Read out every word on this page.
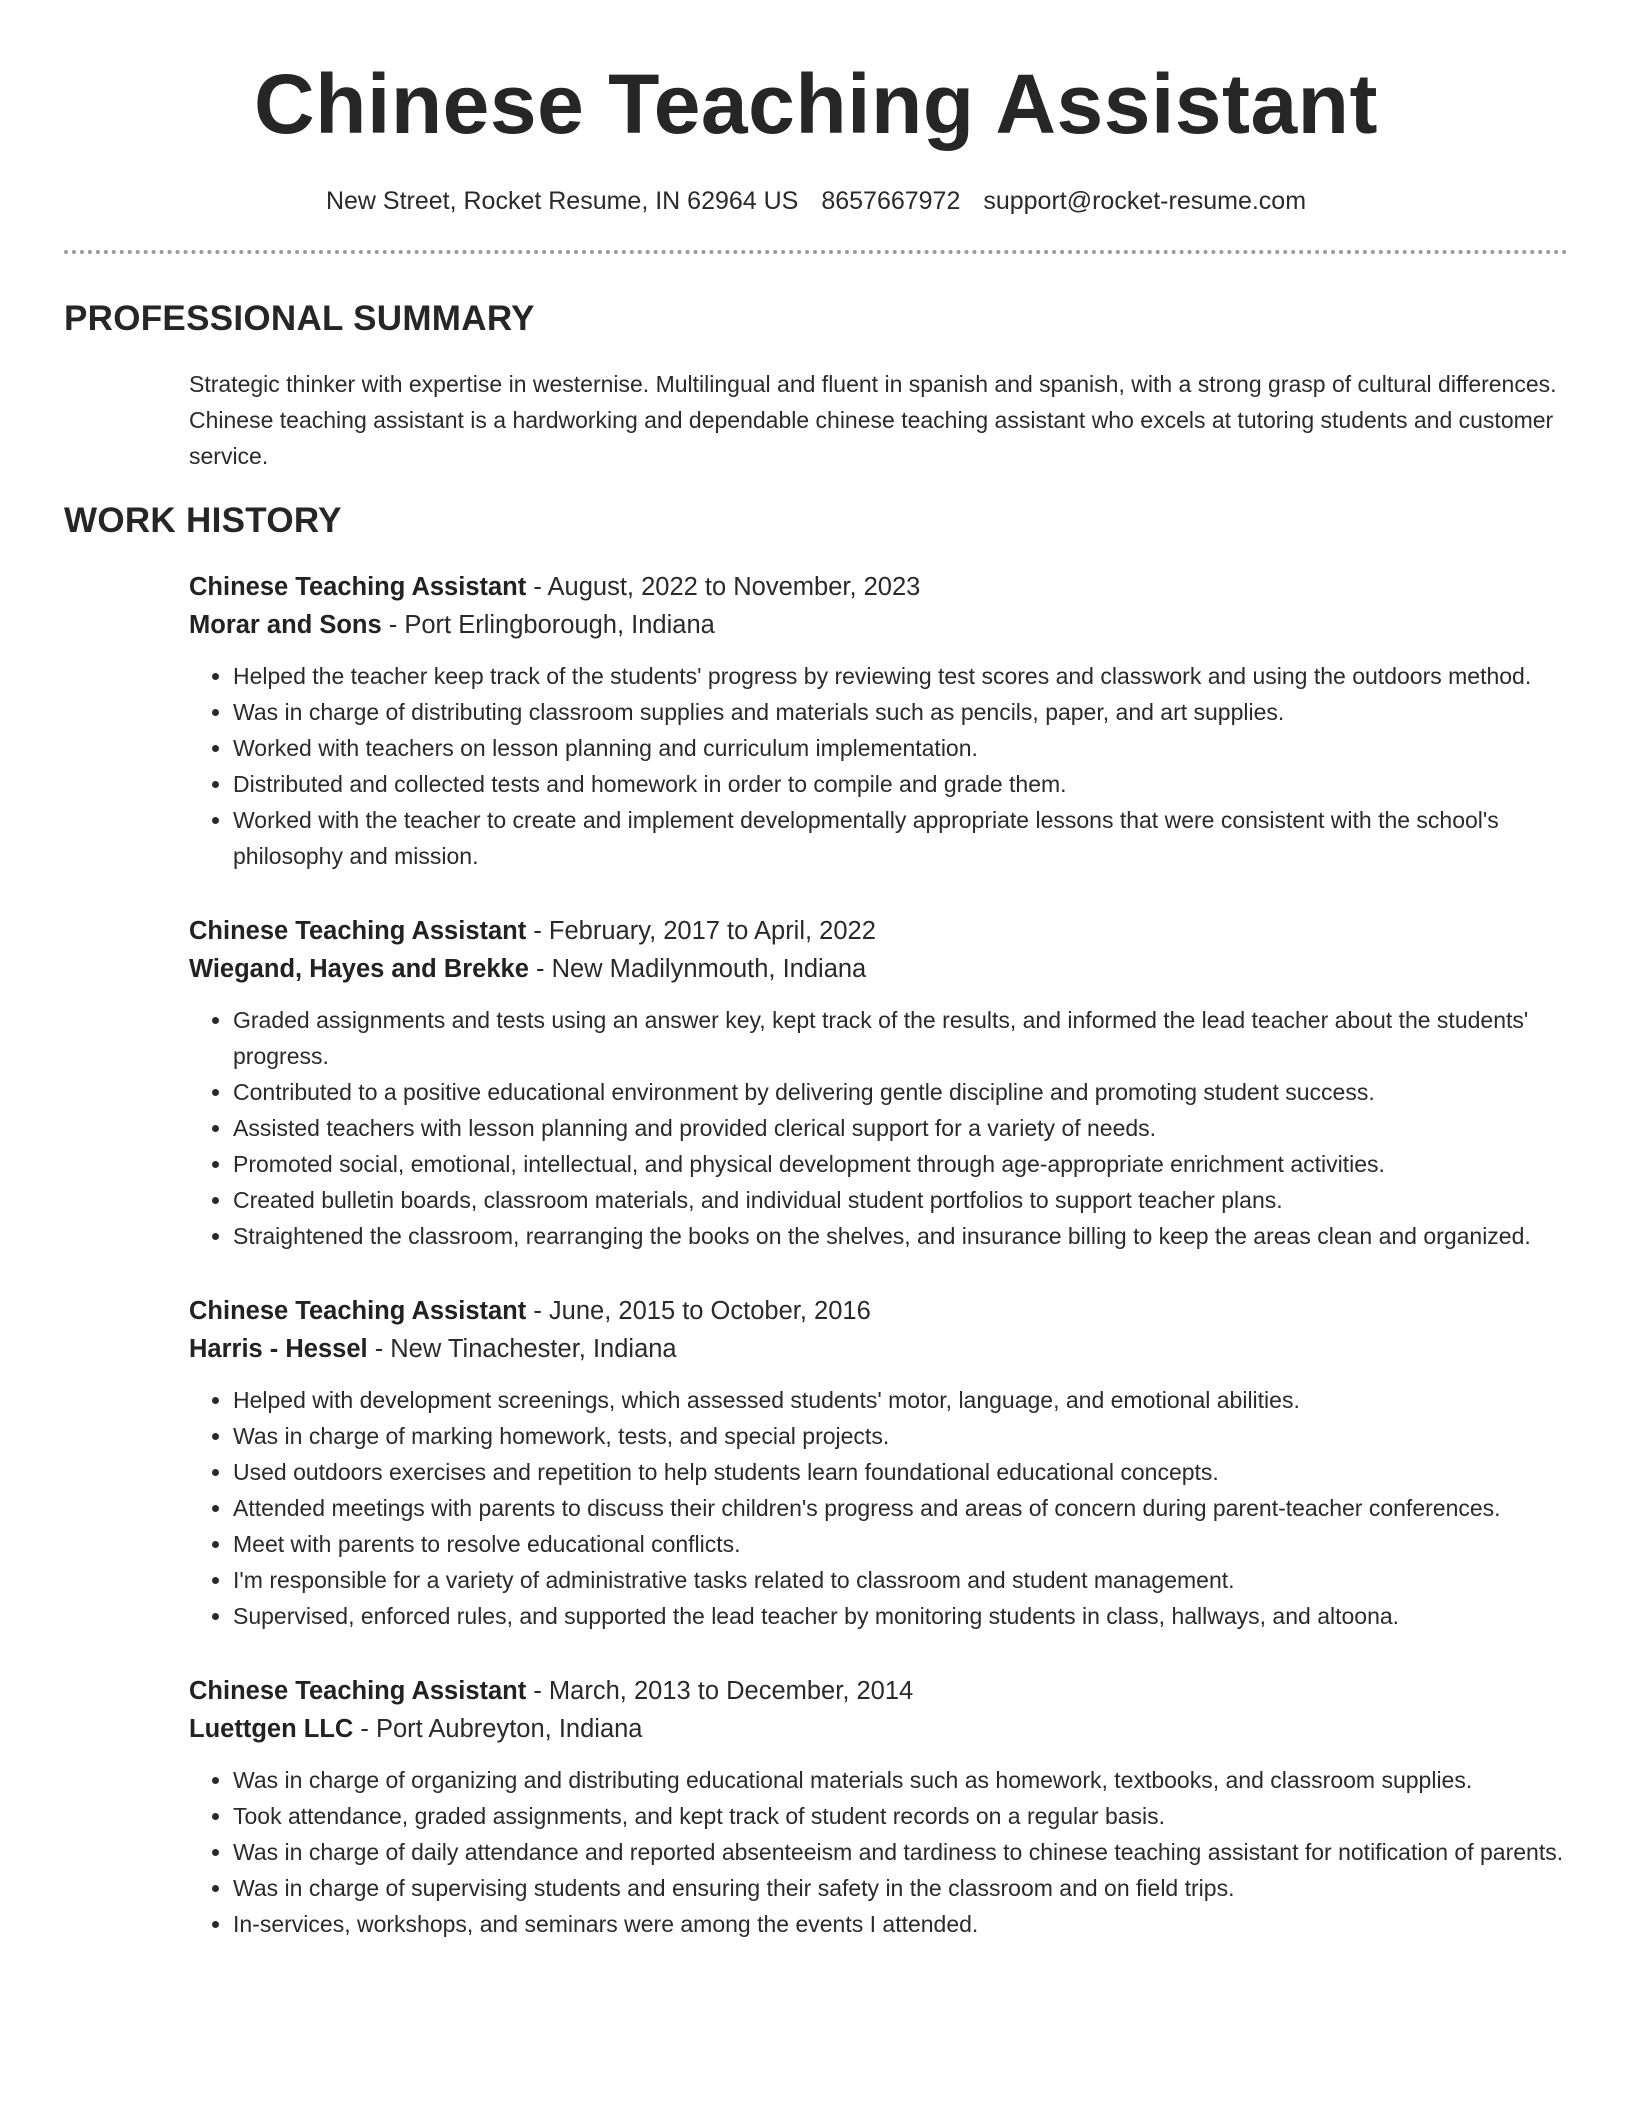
Chinese Teaching Assistant
New Street, Rocket Resume, IN 62964 US 8657667972 support@rocket-resume.com
PROFESSIONAL SUMMARY
Strategic thinker with expertise in westernise. Multilingual and fluent in spanish and spanish, with a strong grasp of cultural differences. Chinese teaching assistant is a hardworking and dependable chinese teaching assistant who excels at tutoring students and customer service.
WORK HISTORY
Chinese Teaching Assistant - August, 2022 to November, 2023
Morar and Sons - Port Erlingborough, Indiana
• Helped the teacher keep track of the students' progress by reviewing test scores and classwork and using the outdoors method.
• Was in charge of distributing classroom supplies and materials such as pencils, paper, and art supplies.
• Worked with teachers on lesson planning and curriculum implementation.
• Distributed and collected tests and homework in order to compile and grade them.
• Worked with the teacher to create and implement developmentally appropriate lessons that were consistent with the school's philosophy and mission.
Chinese Teaching Assistant - February, 2017 to April, 2022
Wiegand, Hayes and Brekke - New Madilynmouth, Indiana
• Graded assignments and tests using an answer key, kept track of the results, and informed the lead teacher about the students' progress.
• Contributed to a positive educational environment by delivering gentle discipline and promoting student success.
• Assisted teachers with lesson planning and provided clerical support for a variety of needs.
• Promoted social, emotional, intellectual, and physical development through age-appropriate enrichment activities.
• Created bulletin boards, classroom materials, and individual student portfolios to support teacher plans.
• Straightened the classroom, rearranging the books on the shelves, and insurance billing to keep the areas clean and organized.
Chinese Teaching Assistant - June, 2015 to October, 2016
Harris - Hessel - New Tinachester, Indiana
• Helped with development screenings, which assessed students' motor, language, and emotional abilities.
• Was in charge of marking homework, tests, and special projects.
• Used outdoors exercises and repetition to help students learn foundational educational concepts.
• Attended meetings with parents to discuss their children's progress and areas of concern during parent-teacher conferences.
• Meet with parents to resolve educational conflicts.
• I'm responsible for a variety of administrative tasks related to classroom and student management.
• Supervised, enforced rules, and supported the lead teacher by monitoring students in class, hallways, and altoona.
Chinese Teaching Assistant - March, 2013 to December, 2014
Luettgen LLC - Port Aubreyton, Indiana
• Was in charge of organizing and distributing educational materials such as homework, textbooks, and classroom supplies.
• Took attendance, graded assignments, and kept track of student records on a regular basis.
• Was in charge of daily attendance and reported absenteeism and tardiness to chinese teaching assistant for notification of parents.
• Was in charge of supervising students and ensuring their safety in the classroom and on field trips.
• In-services, workshops, and seminars were among the events I attended.
